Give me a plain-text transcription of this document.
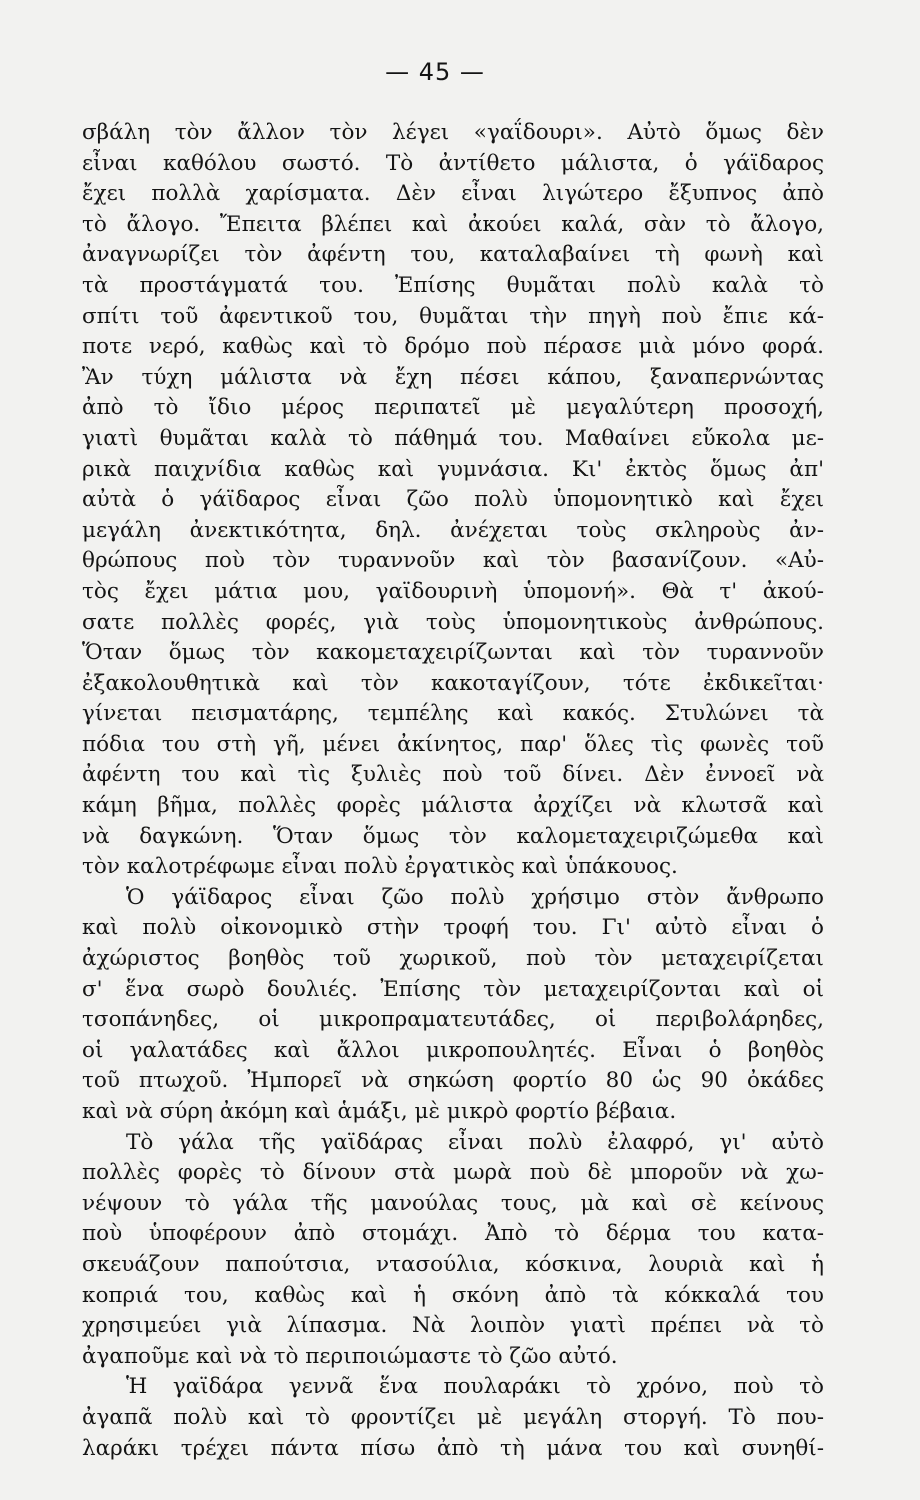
— 45 —
σβάλη τὸν ἄλλον τὸν λέγει «γαΐδουρι». Αὐτὸ ὅμως δὲν
εἶναι καθόλου σωστό. Τὸ ἀντίθετο μάλιστα, ὁ γάϊδαρος
ἔχει πολλὰ χαρίσματα. Δὲν εἶναι λιγώτερο ἔξυπνος ἀπὸ
τὸ ἄλογο. Ἔπειτα βλέπει καὶ ἀκούει καλά, σὰν τὸ ἄλογο,
ἀναγνωρίζει τὸν ἀφέντη του, καταλαβαίνει τὴ φωνὴ καὶ
τὰ προστάγματά του. Ἐπίσης θυμᾶται πολὺ καλὰ τὸ
σπίτι τοῦ ἀφεντικοῦ του, θυμᾶται τὴν πηγὴ ποὺ ἔπιε κά-
ποτε νερό, καθὼς καὶ τὸ δρόμο ποὺ πέρασε μιὰ μόνο φορά.
Ἂν τύχη μάλιστα νὰ ἔχη πέσει κάπου, ξαναπερνώντας
ἀπὸ τὸ ἴδιο μέρος περιπατεῖ μὲ μεγαλύτερη προσοχή,
γιατὶ θυμᾶται καλὰ τὸ πάθημά του. Μαθαίνει εὔκολα με-
ρικὰ παιχνίδια καθὼς καὶ γυμνάσια. Κι' ἐκτὸς ὅμως ἀπ'
αὐτὰ ὁ γάϊδαρος εἶναι ζῶο πολὺ ὑπομονητικὸ καὶ ἔχει
μεγάλη ἀνεκτικότητα, δηλ. ἀνέχεται τοὺς σκληροὺς ἀν-
θρώπους ποὺ τὸν τυραννοῦν καὶ τὸν βασανίζουν. «Αὐ-
τὸς ἔχει μάτια μου, γαϊδουρινὴ ὑπομονή». Θὰ τ' ἀκού-
σατε πολλὲς φορές, γιὰ τοὺς ὑπομονητικοὺς ἀνθρώπους.
Ὅταν ὅμως τὸν κακομεταχειρίζωνται καὶ τὸν τυραννοῦν
ἐξακολουθητικὰ καὶ τὸν κακοταγίζουν, τότε ἐκδικεῖται·
γίνεται πεισματάρης, τεμπέλης καὶ κακός. Στυλώνει τὰ
πόδια του στὴ γῆ, μένει ἀκίνητος, παρ' ὅλες τὶς φωνὲς τοῦ
ἀφέντη του καὶ τὶς ξυλιὲς ποὺ τοῦ δίνει. Δὲν ἐννοεῖ νὰ
κάμη βῆμα, πολλὲς φορὲς μάλιστα ἀρχίζει νὰ κλωτσᾶ καὶ
νὰ δαγκώνη. Ὅταν ὅμως τὸν καλομεταχειριζώμεθα καὶ
τὸν καλοτρέφωμε εἶναι πολὺ ἐργατικὸς καὶ ὑπάκουος.
Ὁ γάϊδαρος εἶναι ζῶο πολὺ χρήσιμο στὸν ἄνθρωπο
καὶ πολὺ οἰκονομικὸ στὴν τροφή του. Γι' αὐτὸ εἶναι ὁ
ἀχώριστος βοηθὸς τοῦ χωρικοῦ, ποὺ τὸν μεταχειρίζεται
σ' ἕνα σωρὸ δουλιές. Ἐπίσης τὸν μεταχειρίζονται καὶ οἱ
τσοπάνηδες, οἱ μικροπραματευτάδες, οἱ περιβολάρηδες,
οἱ γαλατάδες καὶ ἄλλοι μικροπουλητές. Εἶναι ὁ βοηθὸς
τοῦ πτωχοῦ. Ἠμπορεῖ νὰ σηκώση φορτίο 80 ὡς 90 ὀκάδες
καὶ νὰ σύρη ἀκόμη καὶ ἁμάξι, μὲ μικρὸ φορτίο βέβαια.
Τὸ γάλα τῆς γαϊδάρας εἶναι πολὺ ἐλαφρό, γι' αὐτὸ
πολλὲς φορὲς τὸ δίνουν στὰ μωρὰ ποὺ δὲ μποροῦν νὰ χω-
νέψουν τὸ γάλα τῆς μανούλας τους, μὰ καὶ σὲ κείνους
ποὺ ὑποφέρουν ἀπὸ στομάχι. Ἀπὸ τὸ δέρμα του κατα-
σκευάζουν παπούτσια, ντασούλια, κόσκινα, λουριὰ καὶ ἡ
κοπριά του, καθὼς καὶ ἡ σκόνη ἀπὸ τὰ κόκκαλά του
χρησιμεύει γιὰ λίπασμα. Νὰ λοιπὸν γιατὶ πρέπει νὰ τὸ
ἀγαποῦμε καὶ νὰ τὸ περιποιώμαστε τὸ ζῶο αὐτό.
Ἡ γαϊδάρα γεννᾶ ἕνα πουλαράκι τὸ χρόνο, ποὺ τὸ
ἀγαπᾶ πολὺ καὶ τὸ φροντίζει μὲ μεγάλη στοργή. Τὸ που-
λαράκι τρέχει πάντα πίσω ἀπὸ τὴ μάνα του καὶ συνηθί-
